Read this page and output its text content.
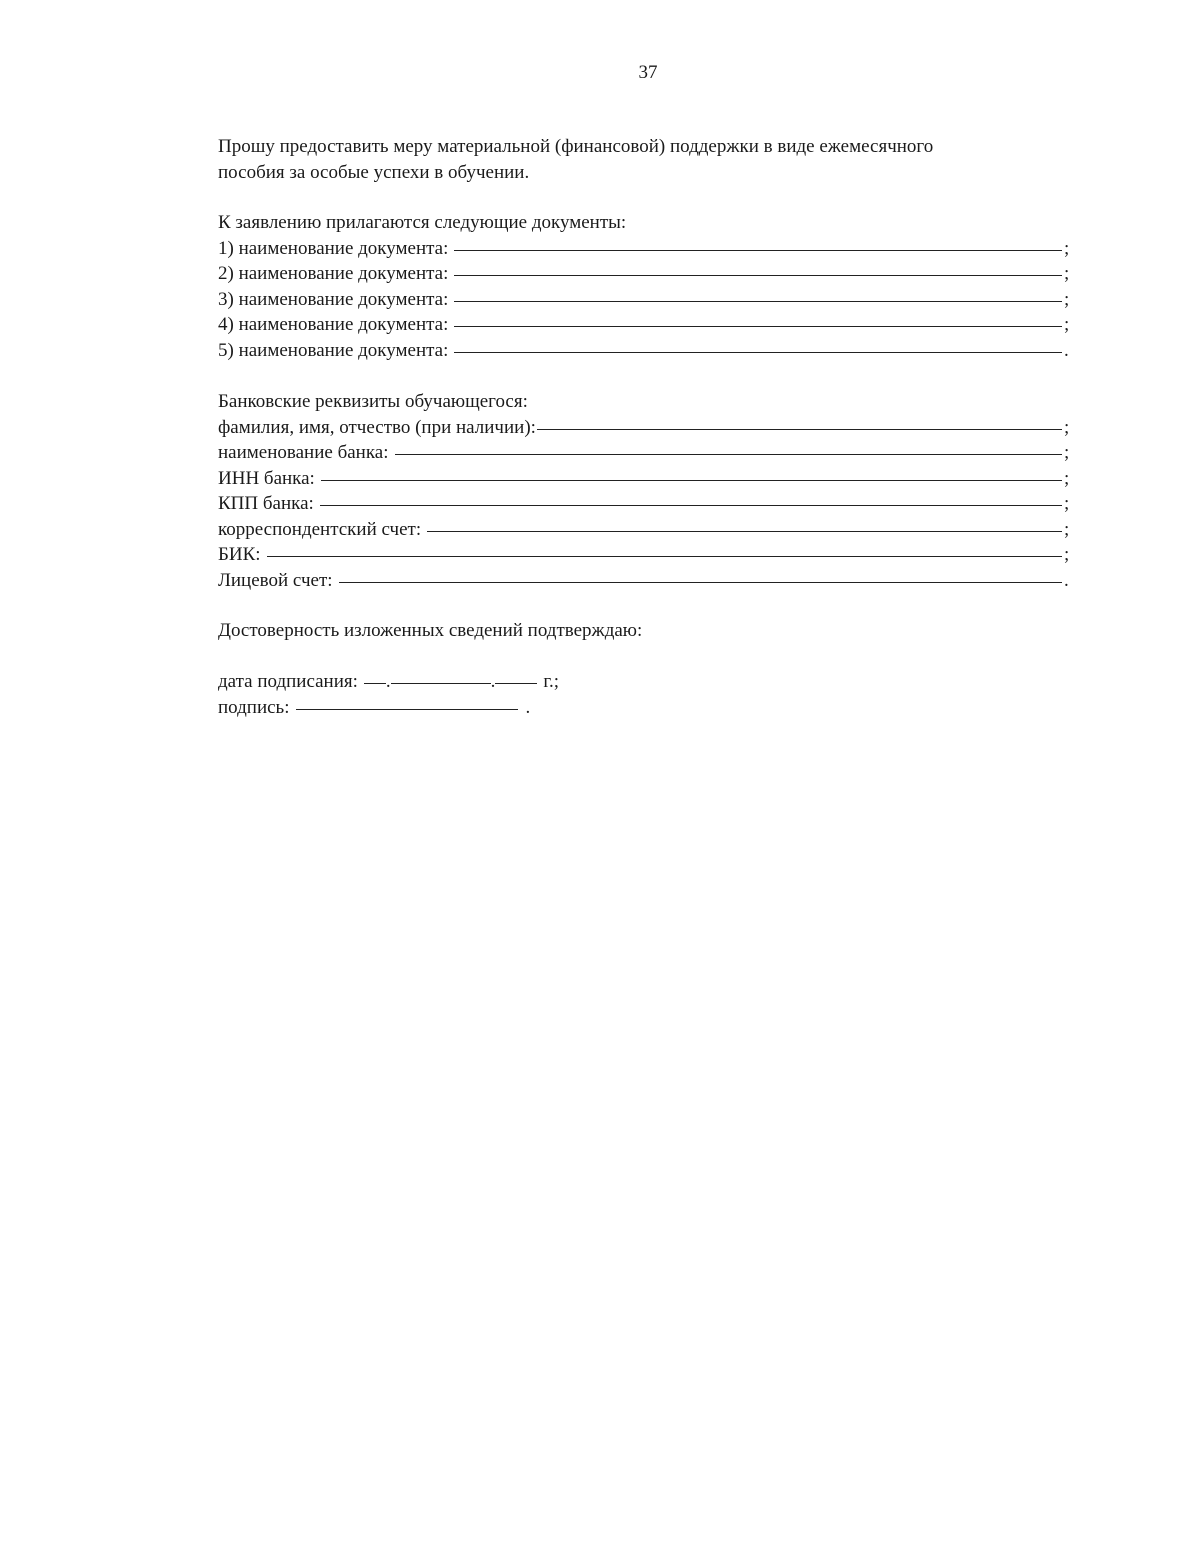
37
Прошу предоставить меру материальной (финансовой) поддержки в виде ежемесячного
пособия за особые успехи в обучении.
К заявлению прилагаются следующие документы:
1) наименование документа:	;
2) наименование документа:	;
3) наименование документа:	;
4) наименование документа:	;
5) наименование документа:	.
Банковские реквизиты обучающегося:
фамилия, имя, отчество (при наличии):	;
наименование банка:	;
ИНН банка:	;
КПП банка:	;
корреспондентский счет:	;
БИК:	;
Лицевой счет:	.
Достоверность изложенных сведений подтверждаю:
дата подписания: .	.	г.;
подпись:	.
